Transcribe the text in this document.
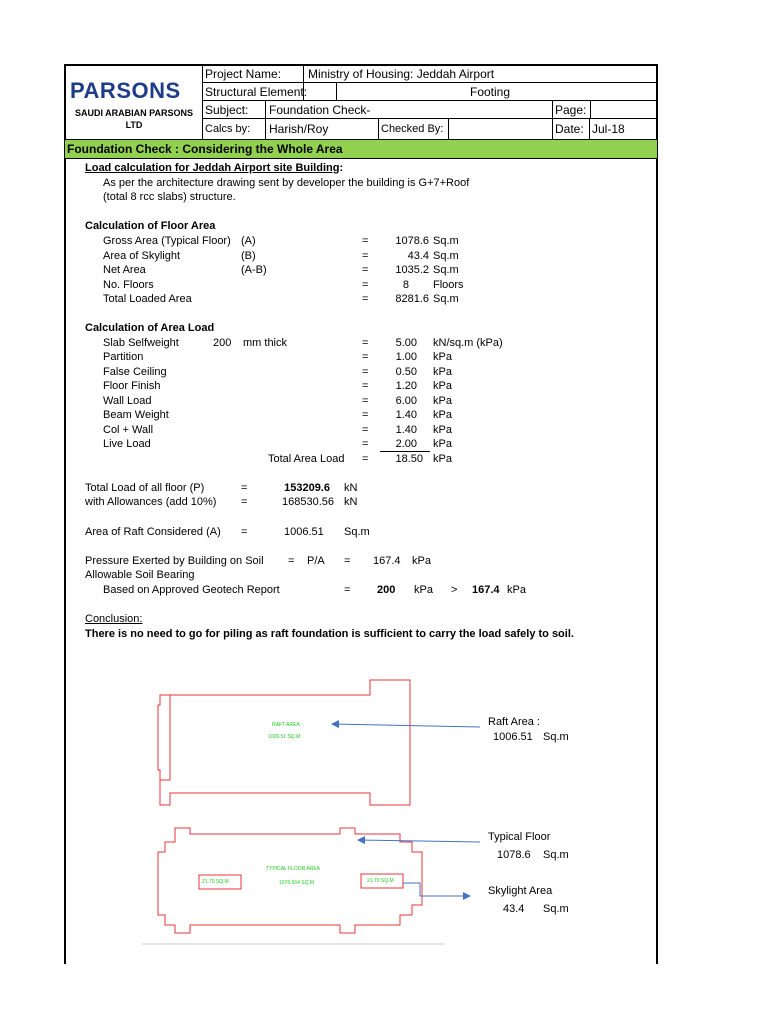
PARSONS
SAUDI ARABIAN PARSONS
LTD
Project Name: Ministry of Housing: Jeddah Airport
Structural Element:	Footing
Subject: Foundation Check-	Page:
Calcs by: Harish/Roy	Checked By:	Date: Jul-18
Foundation Check : Considering the Whole Area
Load calculation for Jeddah Airport site Building:
As per the architecture drawing sent by developer the building is G+7+Roof
(total 8 rcc slabs) structure.
Calculation of Floor Area
Gross Area (Typical Floor) (A)	=	1078.6 Sq.m
Area of Skylight	(B)	=	43.4 Sq.m
Net Area	(A-B)	=	1035.2 Sq.m
No. Floors	=	8 Floors
Total Loaded Area	=	8281.6 Sq.m
Calculation of Area Load
Slab Selfweight	200 mm thick	=	5.00 kN/sq.m (kPa)
Partition	=	1.00 kPa
False Ceiling	=	0.50 kPa
Floor Finish	=	1.20 kPa
Wall Load	=	6.00 kPa
Beam Weight	=	1.40 kPa
Col + Wall	=	1.40 kPa
Live Load	=	2.00 kPa
Total Area Load =	18.50 kPa
Total Load of all floor (P)	=	153209.6 kN
with Allowances (add 10%) =	168530.56 kN
Area of Raft Considered (A) =	1006.51 Sq.m
Pressure Exerted by Building on Soil = P/A = 167.4 kPa
Allowable Soil Bearing
Based on Approved Geotech Report	= 200 kPa > 167.4 kPa
Conclusion:
There is no need to go for piling as raft foundation is sufficient to carry the load safely to soil.
RAFT AREA
1006.51 SQ.M
TYPICAL FLOOR AREA
1078.664 SQ.M
21.70 SQ.M	21.70 SQ.M
Raft Area :
1006.51 Sq.m
Typical Floor
1078.6 Sq.m
Skylight Area
43.4 Sq.m
